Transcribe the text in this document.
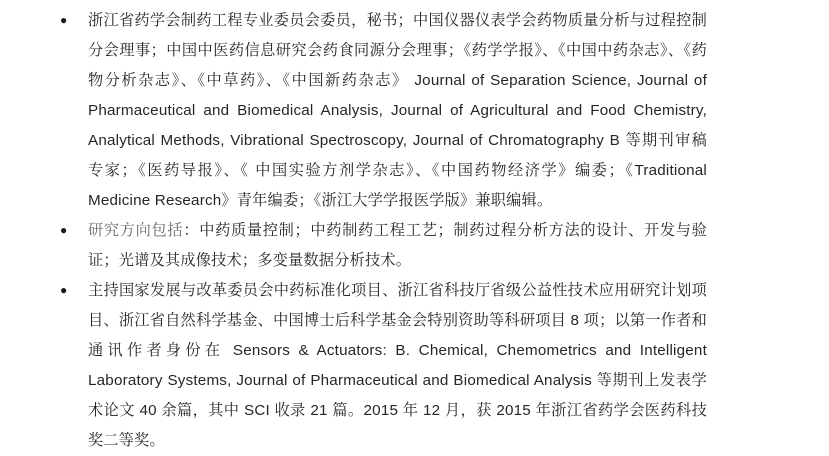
● 浙江省药学会制药工程专业委员会委员，秘书；中国仪器仪表学会药物质量分析与过程控制分会理事；中国中医药信息研究会药食同源分会理事；《药学学报》、《中国中药杂志》、《药物分析杂志》、《中草药》、《中国新药杂志》 Journal of Separation Science, Journal of Pharmaceutical and Biomedical Analysis, Journal of Agricultural and Food Chemistry, Analytical Methods, Vibrational Spectroscopy, Journal of Chromatography B 等期刊审稿专家；《医药导报》、《 中国实验方剂学杂志》、《中国药物经济学》编委；《Traditional Medicine Research》青年编委；《浙江大学学报医学版》兼职编辑。
● 研究方向包括：中药质量控制；中药制药工程工艺；制药过程分析方法的设计、开发与验证；光谱及其成像技术；多变量数据分析技术。
● 主持国家发展与改革委员会中药标准化项目、浙江省科技厅省级公益性技术应用研究计划项目、浙江省自然科学基金、中国博士后科学基金会特别资助等科研项目 8 项；以第一作者和通讯作者身份在 Sensors & Actuators: B. Chemical, Chemometrics and Intelligent Laboratory Systems, Journal of Pharmaceutical and Biomedical Analysis 等期刊上发表学术论文 40 余篇，其中 SCI 收录 21 篇。2015 年 12 月，获 2015 年浙江省药学会医药科技奖二等奖。
